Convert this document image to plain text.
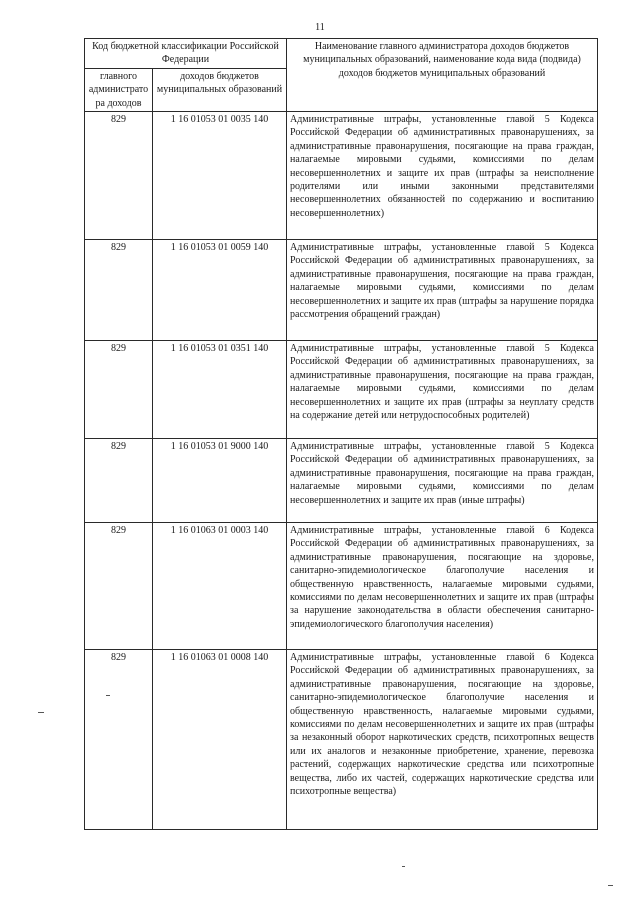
11
Код бюджетной классификации Российской Федерации		Наименование главного администратора доходов бюджетов муниципальных образований, наименование кода вида (подвида) доходов бюджетов муниципальных образований
главного администрато ра доходов	доходов бюджетов муниципальных образований	
829	1 16 01053 01 0035 140	Административные штрафы, установленные главой 5 Кодекса Российской Федерации об административных правонарушениях, за административные правонарушения, посягающие на права граждан, налагаемые мировыми судьями, комиссиями по делам несовершеннолетних и защите их прав (штрафы за неисполнение родителями или иными законными представителями несовершеннолетних обязанностей по содержанию и воспитанию несовершеннолетних)
829	1 16 01053 01 0059 140	Административные штрафы, установленные главой 5 Кодекса Российской Федерации об административных правонарушениях, за административные правонарушения, посягающие на права граждан, налагаемые мировыми судьями, комиссиями по делам несовершеннолетних и защите их прав (штрафы за нарушение порядка рассмотрения обращений граждан)
829	1 16 01053 01 0351 140	Административные штрафы, установленные главой 5 Кодекса Российской Федерации об административных правонарушениях, за административные правонарушения, посягающие на права граждан, налагаемые мировыми судьями, комиссиями по делам несовершеннолетних и защите их прав (штрафы за неуплату средств на содержание детей или нетрудоспособных родителей)
829	1 16 01053 01 9000 140	Административные штрафы, установленные главой 5 Кодекса Российской Федерации об административных правонарушениях, за административные правонарушения, посягающие на права граждан, налагаемые мировыми судьями, комиссиями по делам несовершеннолетних и защите их прав (иные штрафы)
829	1 16 01063 01 0003 140	Административные штрафы, установленные главой 6 Кодекса Российской Федерации об административных правонарушениях, за административные правонарушения, посягающие на здоровье, санитарно-эпидемиологическое благополучие населения и общественную нравственность, налагаемые мировыми судьями, комиссиями по делам несовершеннолетних и защите их прав (штрафы за нарушение законодательства в области обеспечения санитарно-эпидемиологического благополучия населения)
829	1 16 01063 01 0008 140	Административные штрафы, установленные главой 6 Кодекса Российской Федерации об административных правонарушениях, за административные правонарушения, посягающие на здоровье, санитарно-эпидемиологическое благополучие населения и общественную нравственность, налагаемые мировыми судьями, комиссиями по делам несовершеннолетних и защите их прав (штрафы за незаконный оборот наркотических средств, психотропных веществ или их аналогов и незаконные приобретение, хранение, перевозка растений, содержащих наркотические средства или психотропные вещества, либо их частей, содержащих наркотические средства или психотропные вещества)
